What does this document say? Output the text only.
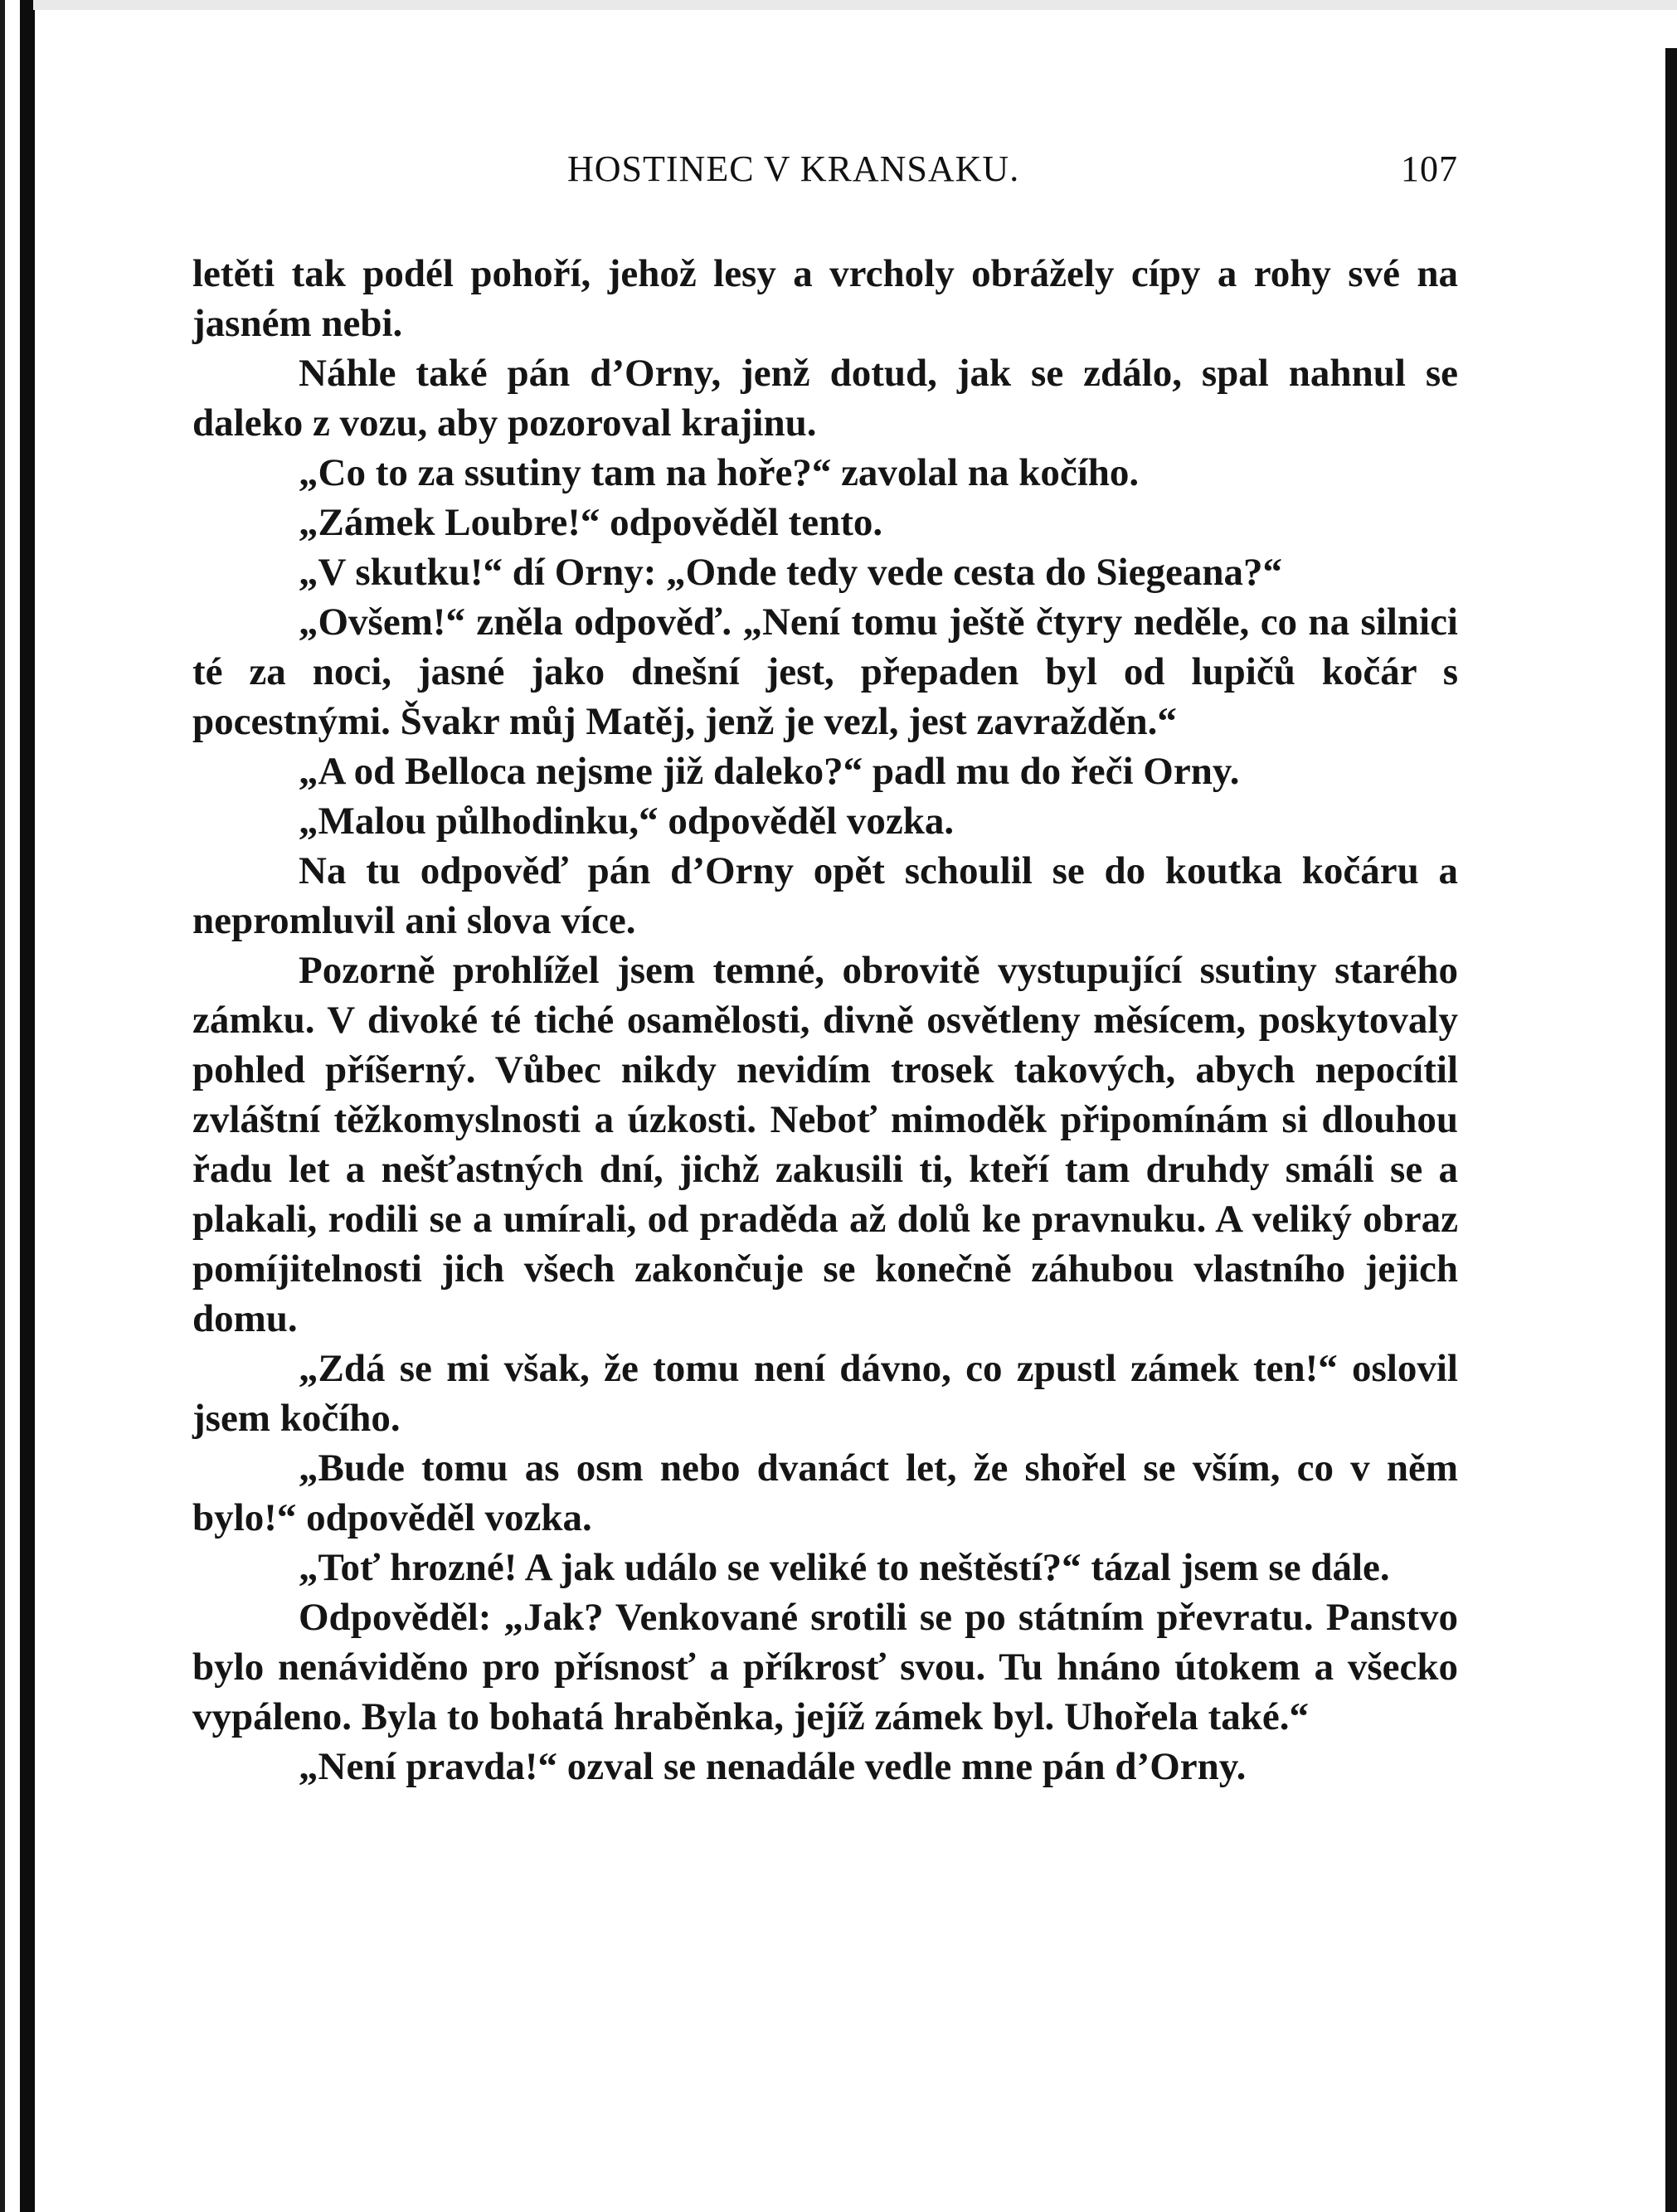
HOSTINEC V KRANSAKU.	107

letěti tak podél pohoří, jehož lesy a vrcholy obrážely cípy a rohy své na jasném nebi.

Náhle také pán d’Orny, jenž dotud, jak se zdálo, spal nahnul se daleko z vozu, aby pozoroval krajinu.

„Co to za ssutiny tam na hoře?“ zavolal na kočího.

„Zámek Loubre!“ odpověděl tento.

„V skutku!“ dí Orny: „Onde tedy vede cesta do Siegeana?“

„Ovšem!“ zněla odpověď. „Není tomu ještě čtyry neděle, co na silnici té za noci, jasné jako dnešní jest, přepaden byl od lupičů kočár s pocestnými. Švakr můj Matěj, jenž je vezl, jest zavražděn.“

„A od Belloca nejsme již daleko?“ padl mu do řeči Orny.

„Malou půlhodinku,“ odpověděl vozka.

Na tu odpověď pán d’Orny opět schoulil se do koutka kočáru a nepromluvil ani slova více.

Pozorně prohlížel jsem temné, obrovitě vystupující ssutiny starého zámku. V divoké té tiché osamělosti, divně osvětleny měsícem, poskytovaly pohled příšerný. Vůbec nikdy nevidím trosek takových, abych nepocítil zvláštní těžkomyslnosti a úzkosti. Neboť mimoděk připomínám si dlouhou řadu let a nešťastných dní, jichž zakusili ti, kteří tam druhdy smáli se a plakali, rodili se a umírali, od praděda až dolů ke pravnuku. A veliký obraz pomíjitelnosti jich všech zakončuje se konečně záhubou vlastního jejich domu.

„Zdá se mi však, že tomu není dávno, co zpustl zámek ten!“ oslovil jsem kočího.

„Bude tomu as osm nebo dvanáct let, že shořel se vším, co v něm bylo!“ odpověděl vozka.

„Toť hrozné! A jak událo se veliké to neštěstí?“ tázal jsem se dále.

Odpověděl: „Jak? Venkované srotili se po státním převratu. Panstvo bylo nenáviděno pro přísnosť a příkrosť svou. Tu hnáno útokem a všecko vypáleno. Byla to bohatá hraběnka, jejíž zámek byl. Uhořela také.“

„Není pravda!“ ozval se nenadále vedle mne pán d’Orny.
